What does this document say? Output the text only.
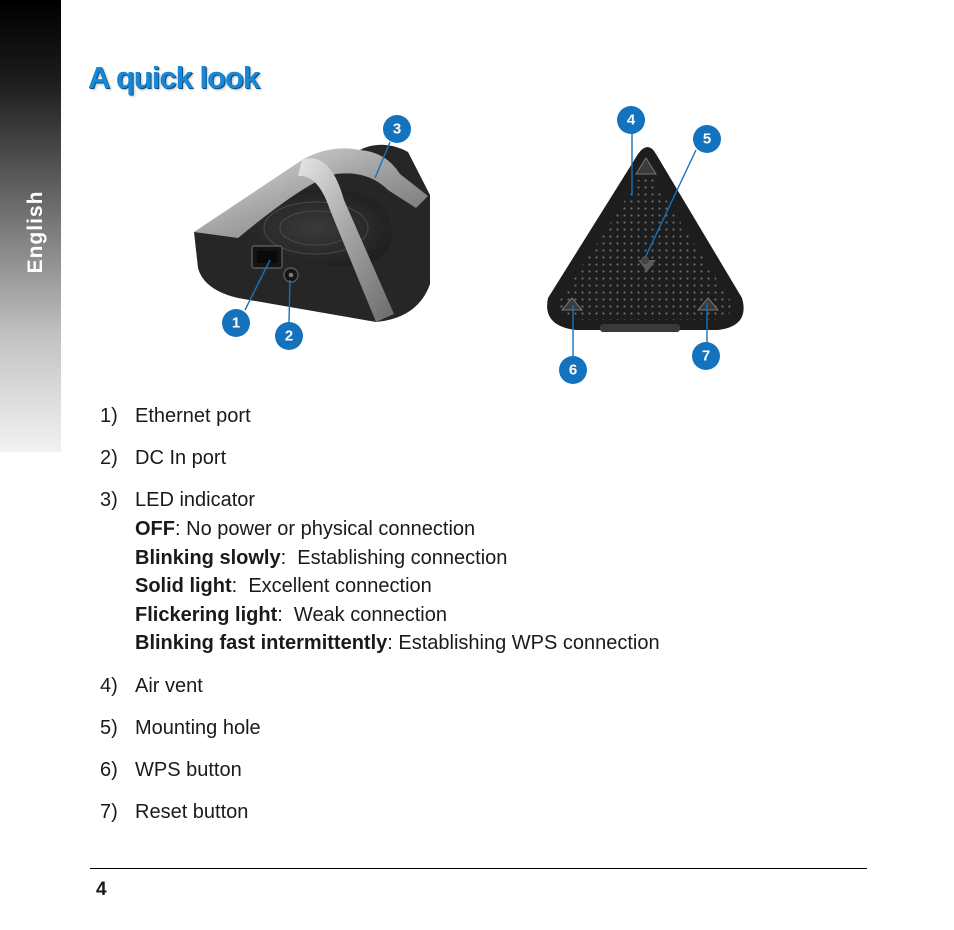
English
A quick look
3
4
5
1
2
6
7
1) Ethernet port
2) DC In port
3) LED indicator
OFF: No power or physical connection
Blinking slowly:  Establishing connection
Solid light:  Excellent connection
Flickering light:  Weak connection
Blinking fast intermittently: Establishing WPS connection
4) Air vent
5) Mounting hole
6) WPS button
7) Reset button
4
